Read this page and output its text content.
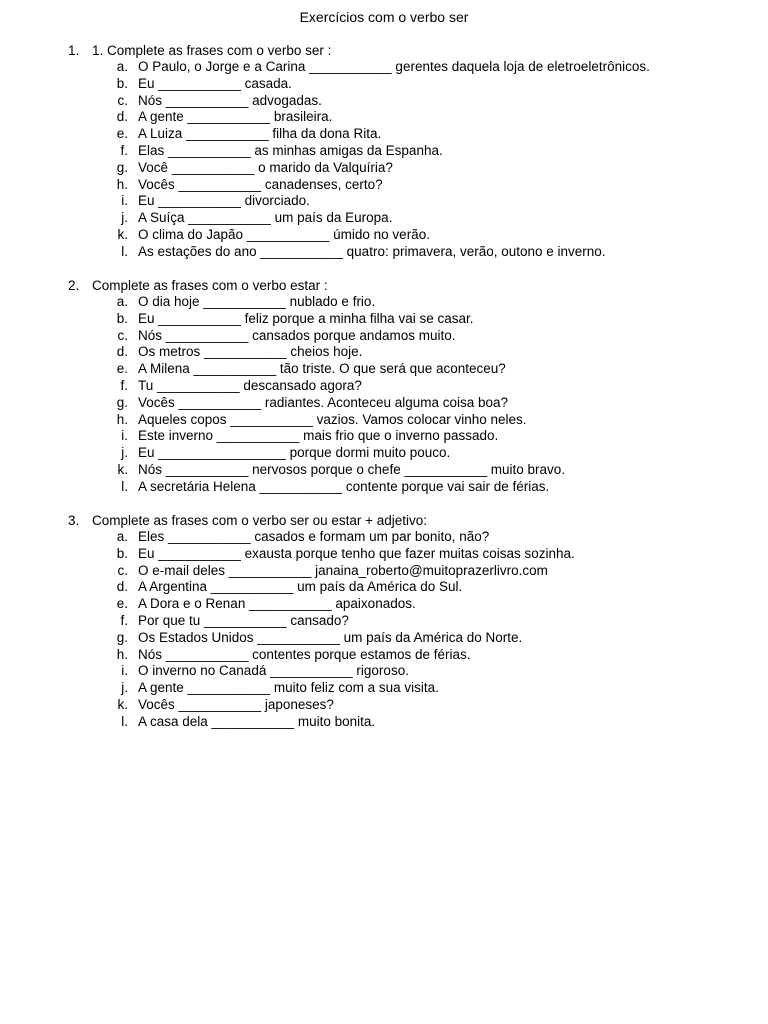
Exercícios com o verbo ser
1. 1. Complete as frases com o verbo ser :
a. O Paulo, o Jorge e a Carina ___________ gerentes daquela loja de eletroeletrônicos.
b. Eu ___________ casada.
c. Nós ___________ advogadas.
d. A gente ___________ brasileira.
e. A Luiza ___________ filha da dona Rita.
f. Elas ___________ as minhas amigas da Espanha.
g. Você ___________ o marido da Valquíria?
h. Vocês ___________ canadenses, certo?
i. Eu ___________ divorciado.
j. A Suíça ___________ um país da Europa.
k. O clima do Japão ___________ úmido no verão.
l. As estações do ano ___________ quatro: primavera, verão, outono e inverno.
2. Complete as frases com o verbo estar :
a. O dia hoje ___________ nublado e frio.
b. Eu ___________ feliz porque a minha filha vai se casar.
c. Nós ___________ cansados porque andamos muito.
d. Os metros ___________ cheios hoje.
e. A Milena ___________ tão triste. O que será que aconteceu?
f. Tu ___________ descansado agora?
g. Vocês ___________ radiantes. Aconteceu alguma coisa boa?
h. Aqueles copos ___________ vazios. Vamos colocar vinho neles.
i. Este inverno ___________ mais frio que o inverno passado.
j. Eu _________________ porque dormi muito pouco.
k. Nós ___________ nervosos porque o chefe ___________ muito bravo.
l. A secretária Helena ___________ contente porque vai sair de férias.
3. Complete as frases com o verbo ser ou estar + adjetivo:
a. Eles ___________ casados e formam um par bonito, não?
b. Eu ___________ exausta porque tenho que fazer muitas coisas sozinha.
c. O e-mail deles ___________ janaina_roberto@muitoprazerlivro.com
d. A Argentina ___________ um país da América do Sul.
e. A Dora e o Renan ___________ apaixonados.
f. Por que tu ___________ cansado?
g. Os Estados Unidos ___________ um país da América do Norte.
h. Nós ___________ contentes porque estamos de férias.
i. O inverno no Canadá ___________ rigoroso.
j. A gente ___________ muito feliz com a sua visita.
k. Vocês ___________ japoneses?
l. A casa dela ___________ muito bonita.
